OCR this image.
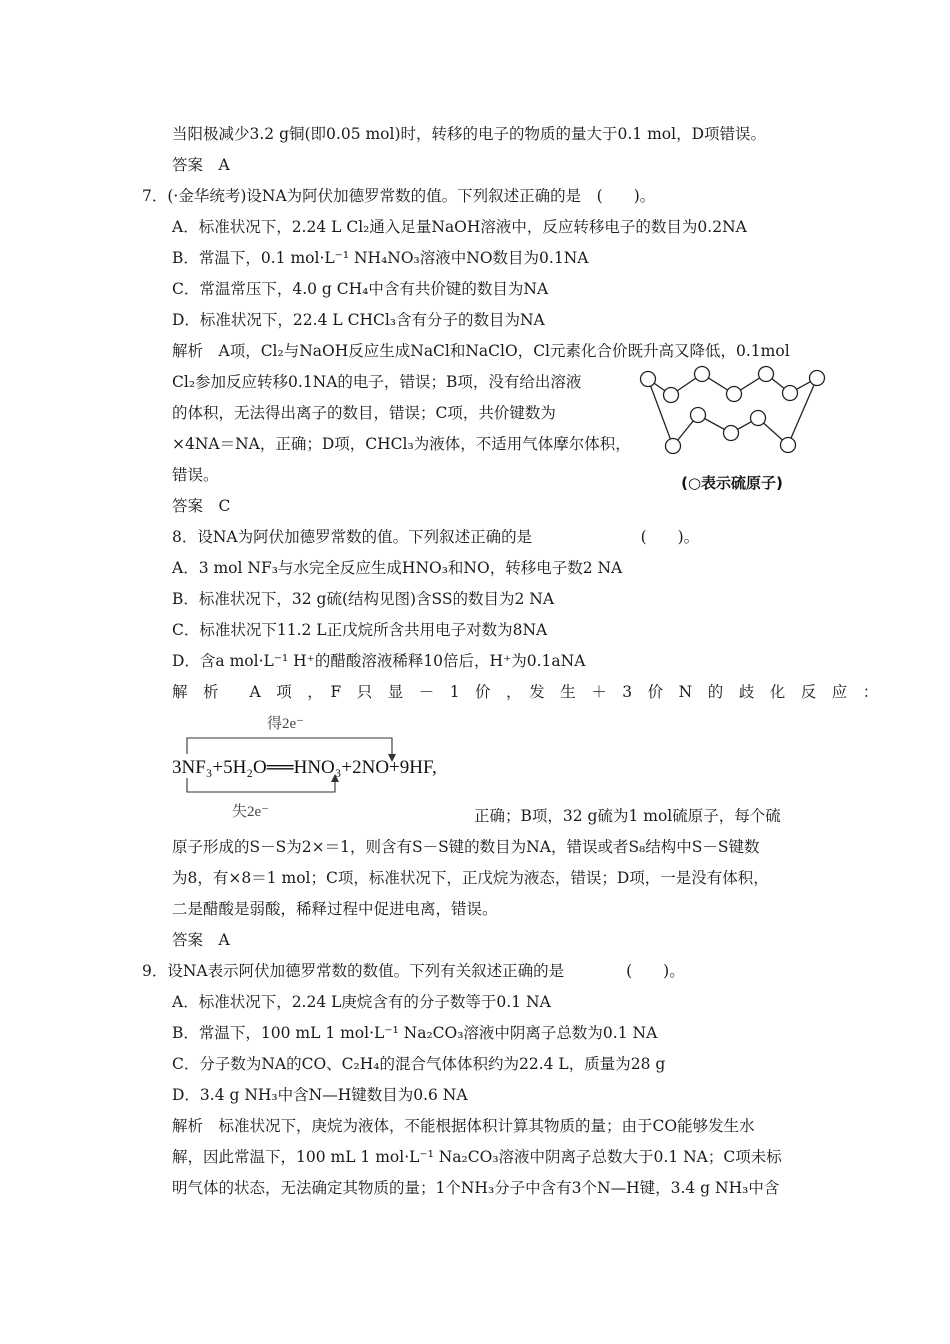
当阳极减少3.2 g铜(即0.05 mol)时，转移的电子的物质的量大于0.1 mol，D项错误。
答案　A
7．(·金华统考)设NA为阿伏加德罗常数的值。下列叙述正确的是　(　　)。
A．标准状况下，2.24 L Cl₂通入足量NaOH溶液中，反应转移电子的数目为0.2NA
B．常温下，0.1 mol·L⁻¹ NH₄NO₃溶液中NO数目为0.1NA
C．常温常压下，4.0 g CH₄中含有共价键的数目为NA
D．标准状况下，22.4 L CHCl₃含有分子的数目为NA
解析　A项，Cl₂与NaOH反应生成NaCl和NaClO，Cl元素化合价既升高又降低，0.1mol
Cl₂参加反应转移0.1NA的电子，错误；B项，没有给出溶液
的体积，无法得出离子的数目，错误；C项，共价键数为
×4NA＝NA，正确；D项，CHCl₃为液体，不适用气体摩尔体积，
错误。
答案　C
(○表示硫原子)
8．设NA为阿伏加德罗常数的值。下列叙述正确的是　　　　　　　(　　)。
A．3 mol NF₃与水完全反应生成HNO₃和NO，转移电子数2 NA
B．标准状况下，32 g硫(结构见图)含SS的数目为2 NA
C．标准状况下11.2 L正戊烷所含共用电子对数为8NA
D．含a mol·L⁻¹ H⁺的醋酸溶液稀释10倍后，H⁺为0.1aNA
解　析　　A　项　，　F　只　显　－　1　价　，　发　生　＋　3　价　N　的　歧　化　反　应　：
得2e⁻
失2e⁻
3NF₃+5H₂O══HNO₃+2NO+9HF,
正确；B项，32 g硫为1 mol硫原子，每个硫
原子形成的S－S为2×＝1，则含有S－S键的数目为NA，错误或者S₈结构中S－S键数
为8，有×8＝1 mol；C项，标准状况下，正戊烷为液态，错误；D项，一是没有体积，
二是醋酸是弱酸，稀释过程中促进电离，错误。
答案　A
9．设NA表示阿伏加德罗常数的数值。下列有关叙述正确的是　　　　(　　)。
A．标准状况下，2.24 L庚烷含有的分子数等于0.1 NA
B．常温下，100 mL 1 mol·L⁻¹ Na₂CO₃溶液中阴离子总数为0.1 NA
C．分子数为NA的CO、C₂H₄的混合气体体积约为22.4 L，质量为28 g
D．3.4 g NH₃中含N—H键数目为0.6 NA
解析　标准状况下，庚烷为液体，不能根据体积计算其物质的量；由于CO能够发生水
解，因此常温下，100 mL 1 mol·L⁻¹ Na₂CO₃溶液中阴离子总数大于0.1 NA；C项未标
明气体的状态，无法确定其物质的量；1个NH₃分子中含有3个N—H键，3.4 g NH₃中含
